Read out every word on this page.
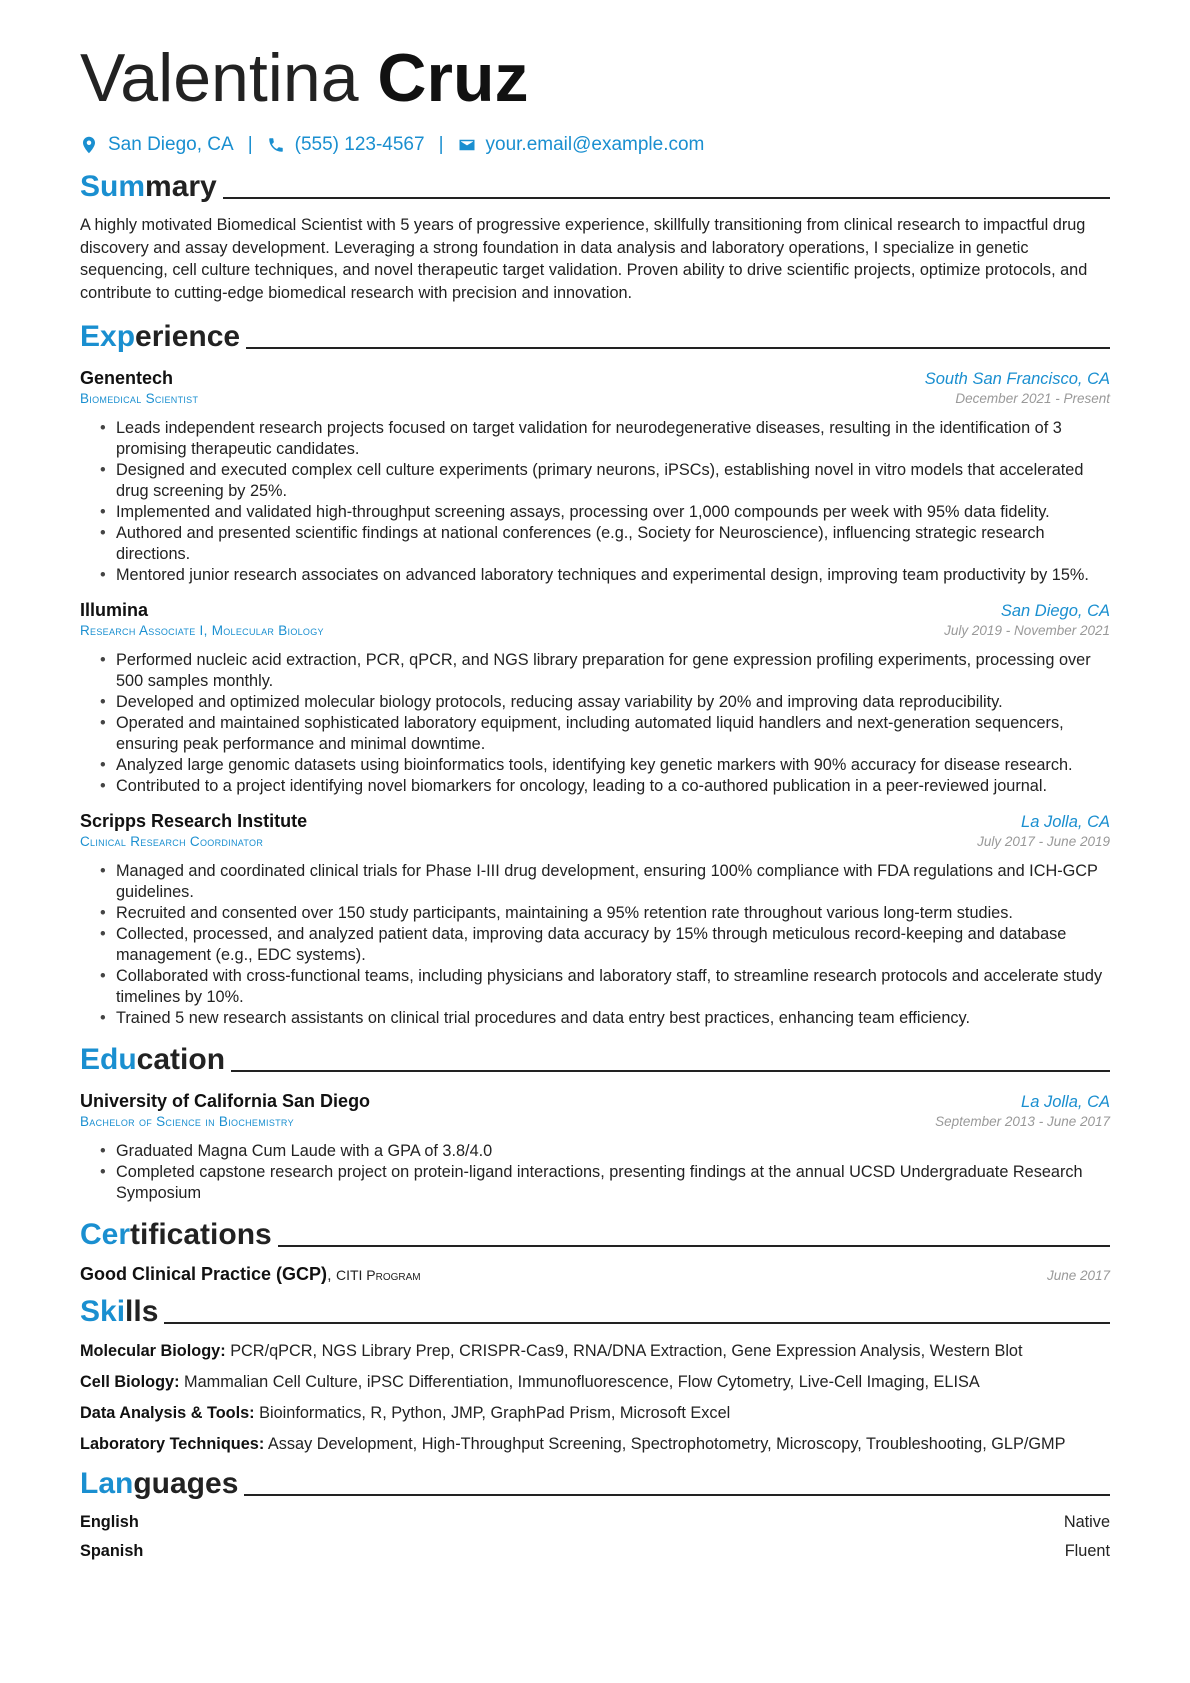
Valentina Cruz
San Diego, CA | (555) 123-4567 | your.email@example.com
Summary
A highly motivated Biomedical Scientist with 5 years of progressive experience, skillfully transitioning from clinical research to impactful drug discovery and assay development. Leveraging a strong foundation in data analysis and laboratory operations, I specialize in genetic sequencing, cell culture techniques, and novel therapeutic target validation. Proven ability to drive scientific projects, optimize protocols, and contribute to cutting-edge biomedical research with precision and innovation.
Experience
Genentech	South San Francisco, CA
Biomedical Scientist	December 2021 - Present
• Leads independent research projects focused on target validation for neurodegenerative diseases, resulting in the identification of 3 promising therapeutic candidates.
• Designed and executed complex cell culture experiments (primary neurons, iPSCs), establishing novel in vitro models that accelerated drug screening by 25%.
• Implemented and validated high-throughput screening assays, processing over 1,000 compounds per week with 95% data fidelity.
• Authored and presented scientific findings at national conferences (e.g., Society for Neuroscience), influencing strategic research directions.
• Mentored junior research associates on advanced laboratory techniques and experimental design, improving team productivity by 15%.
Illumina	San Diego, CA
Research Associate I, Molecular Biology	July 2019 - November 2021
• Performed nucleic acid extraction, PCR, qPCR, and NGS library preparation for gene expression profiling experiments, processing over 500 samples monthly.
• Developed and optimized molecular biology protocols, reducing assay variability by 20% and improving data reproducibility.
• Operated and maintained sophisticated laboratory equipment, including automated liquid handlers and next-generation sequencers, ensuring peak performance and minimal downtime.
• Analyzed large genomic datasets using bioinformatics tools, identifying key genetic markers with 90% accuracy for disease research.
• Contributed to a project identifying novel biomarkers for oncology, leading to a co-authored publication in a peer-reviewed journal.
Scripps Research Institute	La Jolla, CA
Clinical Research Coordinator	July 2017 - June 2019
• Managed and coordinated clinical trials for Phase I-III drug development, ensuring 100% compliance with FDA regulations and ICH-GCP guidelines.
• Recruited and consented over 150 study participants, maintaining a 95% retention rate throughout various long-term studies.
• Collected, processed, and analyzed patient data, improving data accuracy by 15% through meticulous record-keeping and database management (e.g., EDC systems).
• Collaborated with cross-functional teams, including physicians and laboratory staff, to streamline research protocols and accelerate study timelines by 10%.
• Trained 5 new research assistants on clinical trial procedures and data entry best practices, enhancing team efficiency.
Education
University of California San Diego	La Jolla, CA
Bachelor of Science in Biochemistry	September 2013 - June 2017
• Graduated Magna Cum Laude with a GPA of 3.8/4.0
• Completed capstone research project on protein-ligand interactions, presenting findings at the annual UCSD Undergraduate Research Symposium
Certifications
Good Clinical Practice (GCP), CITI Program	June 2017
Skills
Molecular Biology: PCR/qPCR, NGS Library Prep, CRISPR-Cas9, RNA/DNA Extraction, Gene Expression Analysis, Western Blot
Cell Biology: Mammalian Cell Culture, iPSC Differentiation, Immunofluorescence, Flow Cytometry, Live-Cell Imaging, ELISA
Data Analysis & Tools: Bioinformatics, R, Python, JMP, GraphPad Prism, Microsoft Excel
Laboratory Techniques: Assay Development, High-Throughput Screening, Spectrophotometry, Microscopy, Troubleshooting, GLP/GMP
Languages
English	Native
Spanish	Fluent
